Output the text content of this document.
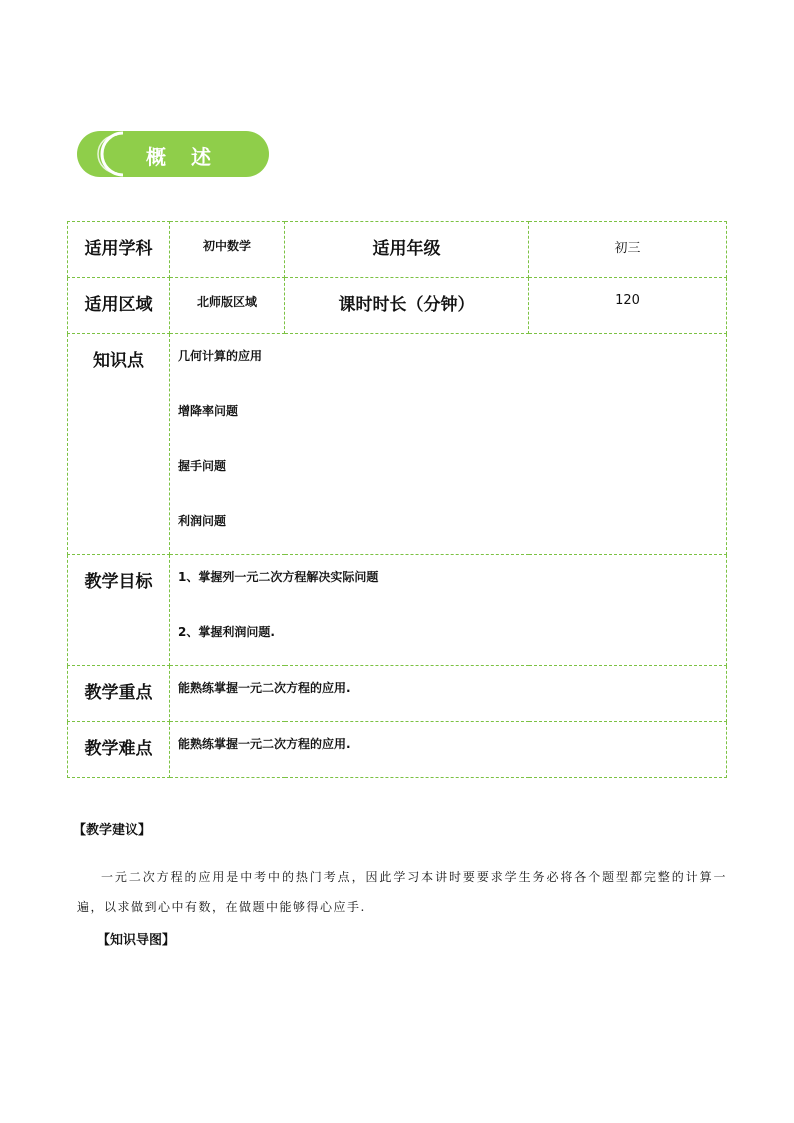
概 述
适用学科	初中数学	适用年级	初三
适用区域	北师版区域	课时时长（分钟）	120
知识点	几何计算的应用

增降率问题

握手问题

利润问题		

教学目标	1、掌握列一元二次方程解决实际问题

2、掌握利润问题.		

教学重点	能熟练掌握一元二次方程的应用.		

教学难点	能熟练掌握一元二次方程的应用.		

【教学建议】
一元二次方程的应用是中考中的热门考点，因此学习本讲时要要求学生务必将各个题型都完整的计算一遍，以求做到心中有数，在做题中能够得心应手.
【知识导图】
